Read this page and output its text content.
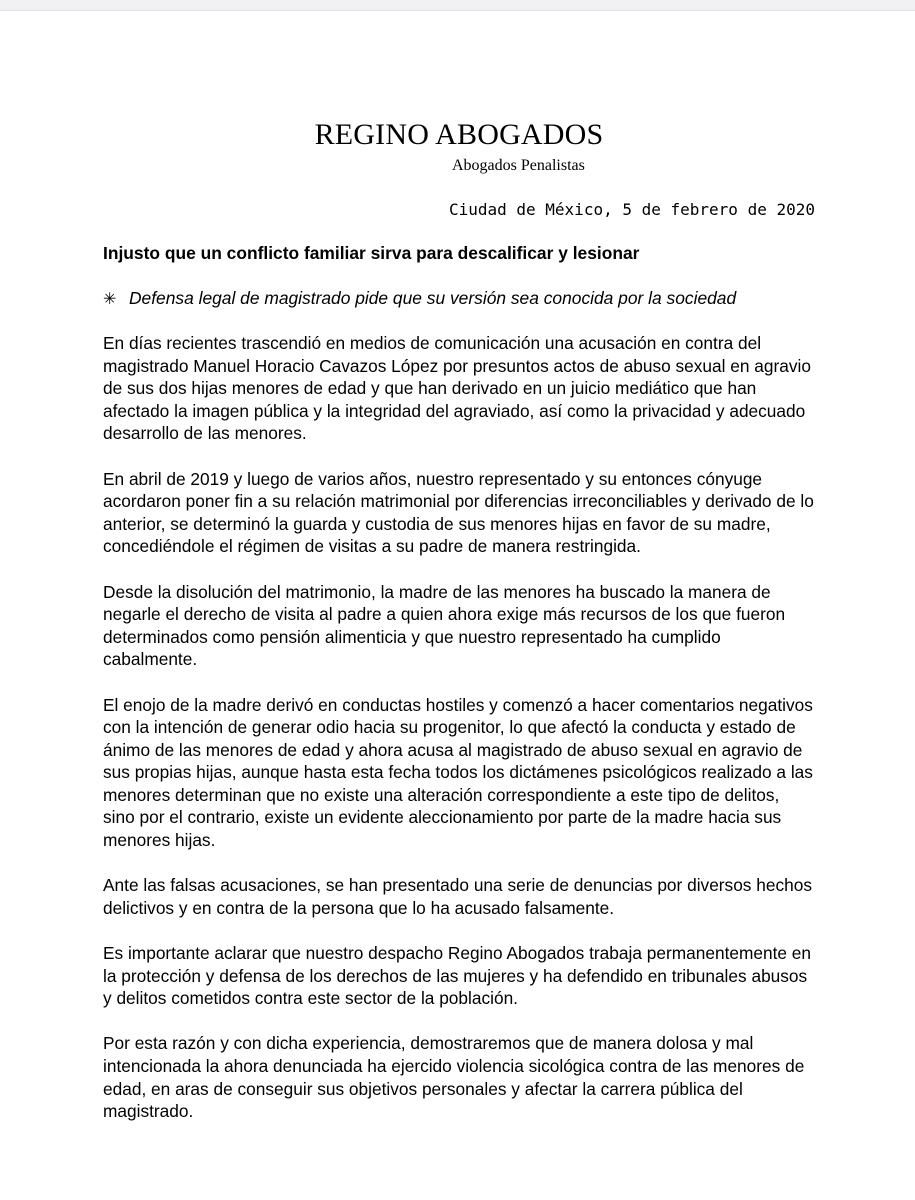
REGINO ABOGADOS
Abogados Penalistas
Ciudad de México, 5 de febrero de 2020
Injusto que un conflicto familiar sirva para descalificar y lesionar
✳ Defensa legal de magistrado pide que su versión sea conocida por la sociedad

En días recientes trascendió en medios de comunicación una acusación en contra del magistrado Manuel Horacio Cavazos López por presuntos actos de abuso sexual en agravio de sus dos hijas menores de edad y que han derivado en un juicio mediático que han afectado la imagen pública y la integridad del agraviado, así como la privacidad y adecuado desarrollo de las menores.

En abril de 2019 y luego de varios años, nuestro representado y su entonces cónyuge acordaron poner fin a su relación matrimonial por diferencias irreconciliables y derivado de lo anterior, se determinó la guarda y custodia de sus menores hijas en favor de su madre, concediéndole el régimen de visitas a su padre de manera restringida.

Desde la disolución del matrimonio, la madre de las menores ha buscado la manera de negarle el derecho de visita al padre a quien ahora exige más recursos de los que fueron determinados como pensión alimenticia y que nuestro representado ha cumplido cabalmente.

El enojo de la madre derivó en conductas hostiles y comenzó a hacer comentarios negativos con la intención de generar odio hacia su progenitor, lo que afectó la conducta y estado de ánimo de las menores de edad y ahora acusa al magistrado de abuso sexual en agravio de sus propias hijas, aunque hasta esta fecha todos los dictámenes psicológicos realizado a las menores determinan que no existe una alteración correspondiente a este tipo de delitos, sino por el contrario, existe un evidente aleccionamiento por parte de la madre hacia sus menores hijas.

Ante las falsas acusaciones, se han presentado una serie de denuncias por diversos hechos delictivos y en contra de la persona que lo ha acusado falsamente.

Es importante aclarar que nuestro despacho Regino Abogados trabaja permanentemente en la protección y defensa de los derechos de las mujeres y ha defendido en tribunales abusos y delitos cometidos contra este sector de la población.

Por esta razón y con dicha experiencia, demostraremos que de manera dolosa y mal intencionada la ahora denunciada ha ejercido violencia sicológica contra de las menores de edad, en aras de conseguir sus objetivos personales y afectar la carrera pública del magistrado.
